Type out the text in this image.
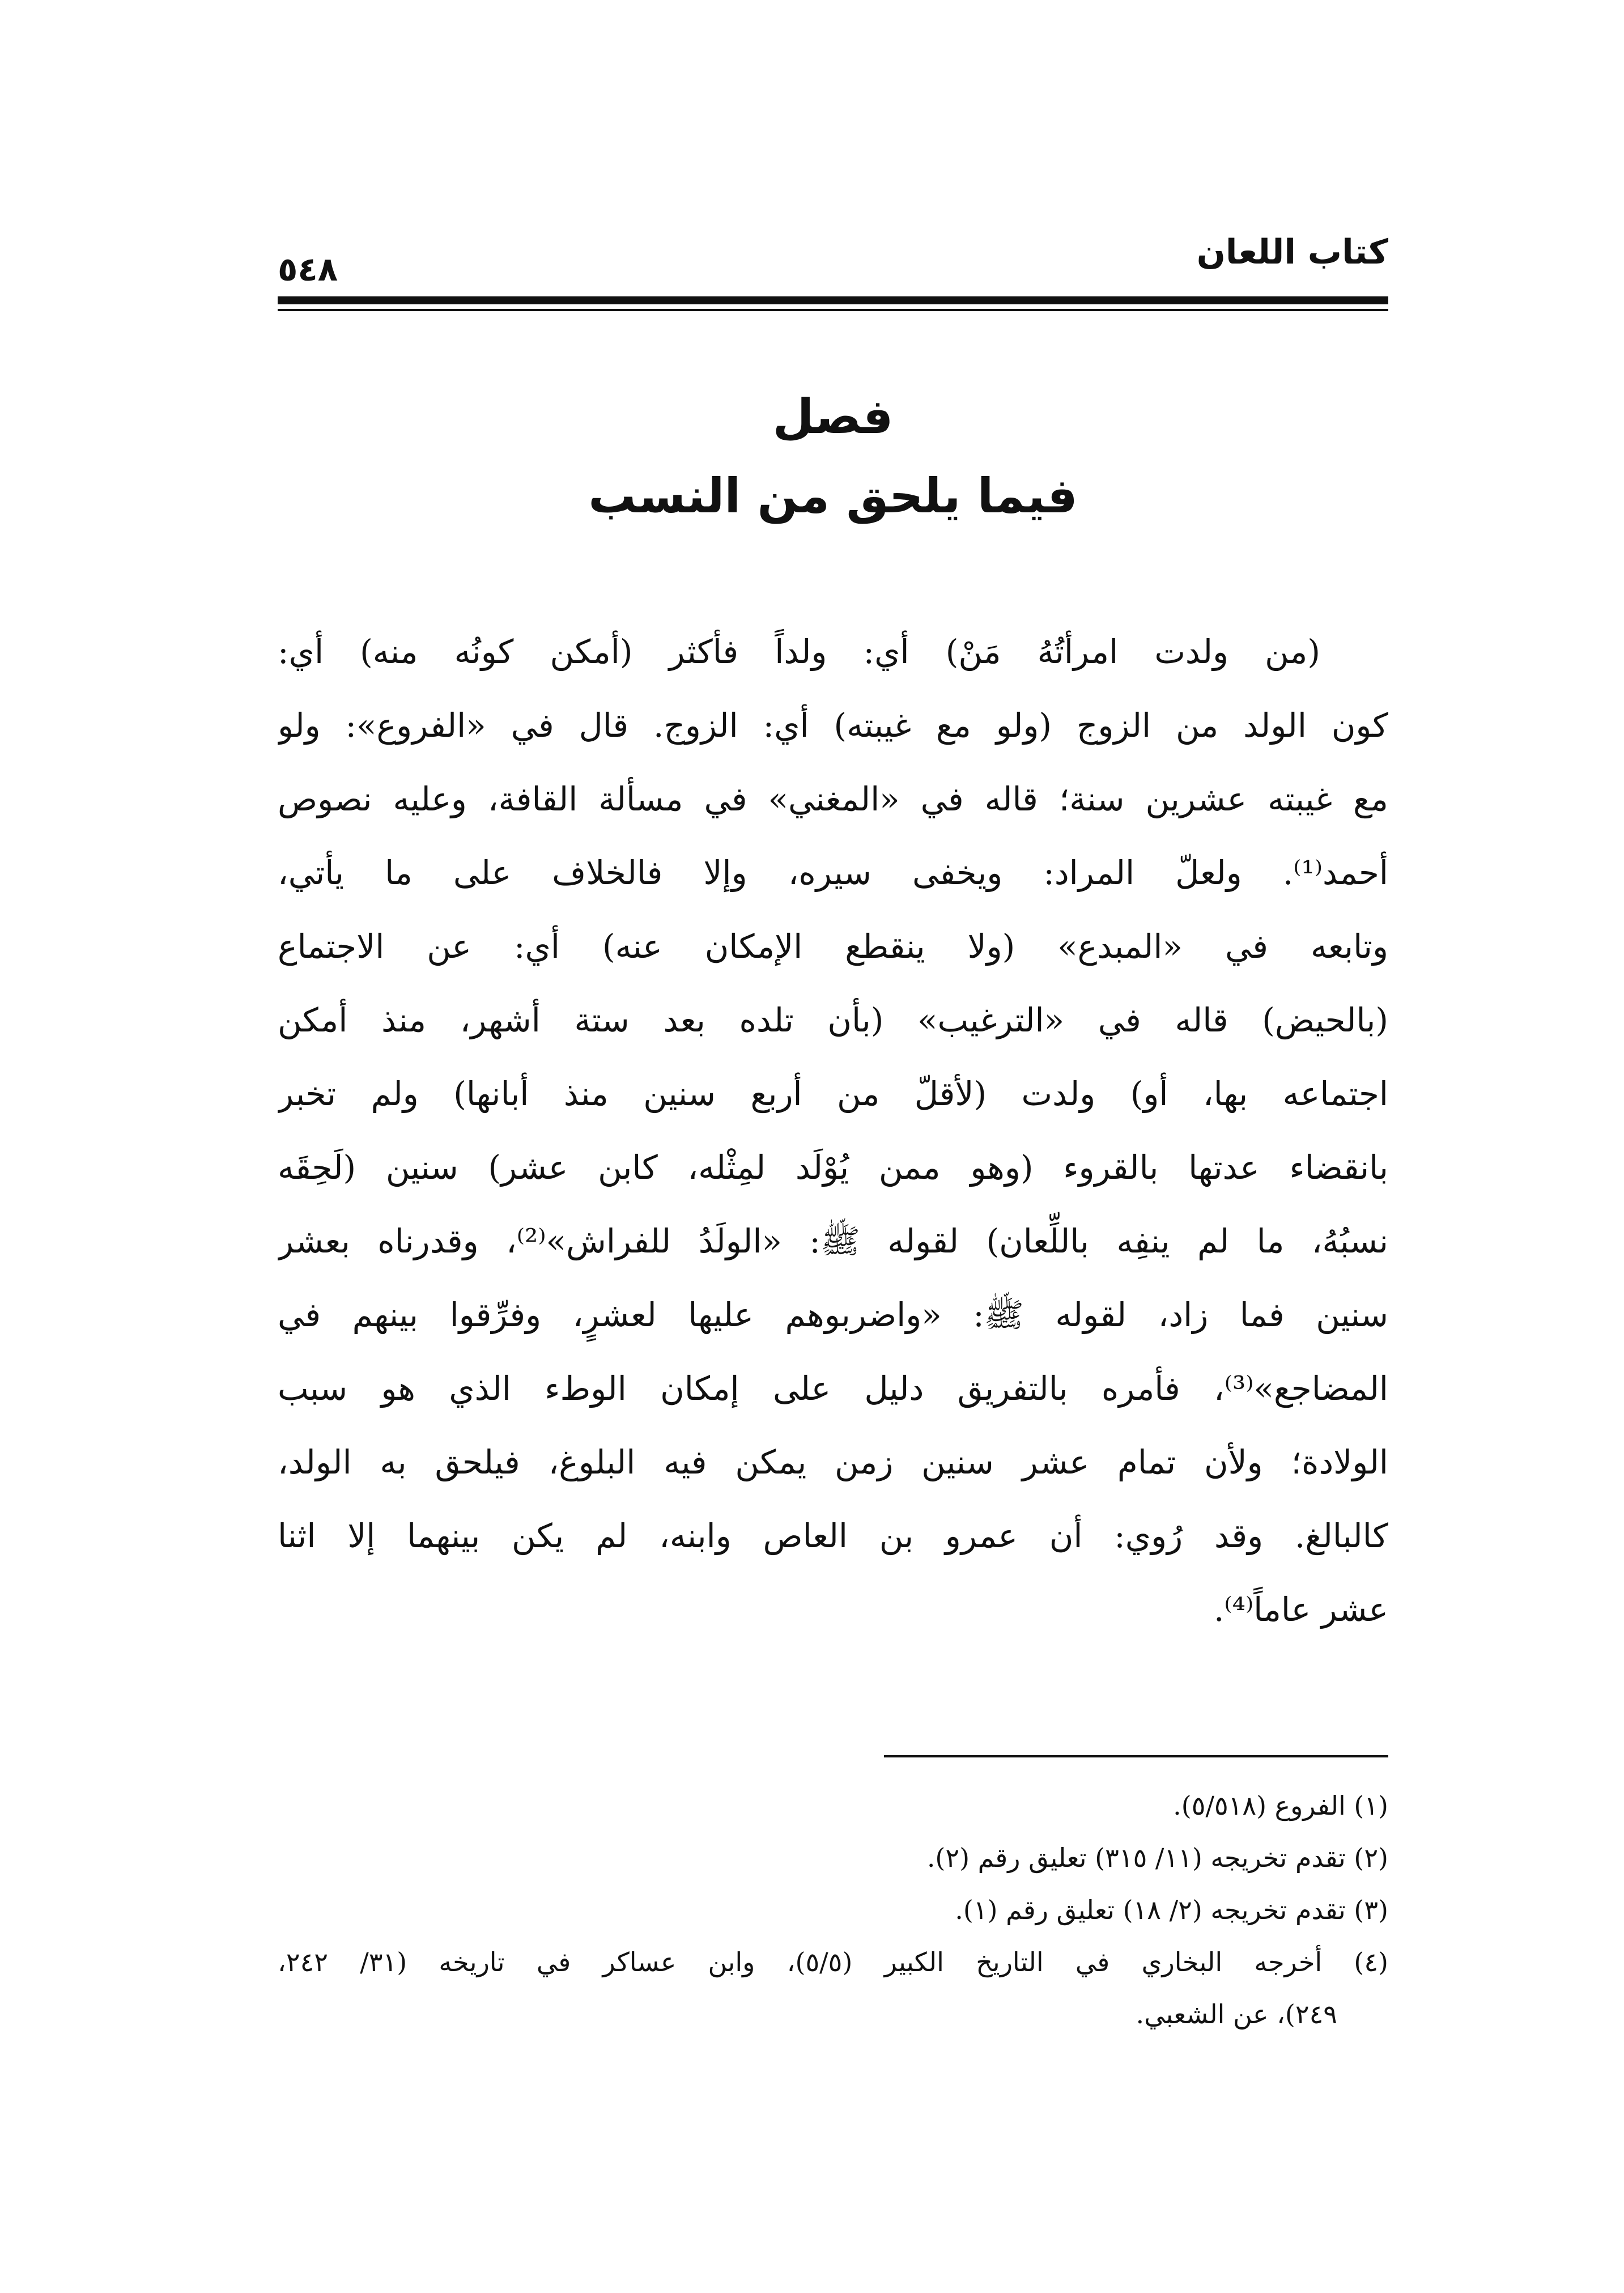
كتاب اللعان
٥٤٨
فصل
فيما يلحق من النسب
(من ولدت امرأتُهُ مَنْ) أي: ولداً فأكثر (أمكن كونُه منه) أي:
كون الولد من الزوج (ولو مع غيبته) أي: الزوج. قال في «الفروع»: ولو
مع غيبته عشرين سنة؛ قاله في «المغني» في مسألة القافة، وعليه نصوص
أحمد⁽¹⁾. ولعلّ المراد: ويخفى سيره، وإلا فالخلاف على ما يأتي،
وتابعه في «المبدع» (ولا ينقطع الإمكان عنه) أي: عن الاجتماع
(بالحيض) قاله في «الترغيب» (بأن تلده بعد ستة أشهر، منذ أمكن
اجتماعه بها، أو) ولدت (لأقلّ من أربع سنين منذ أبانها) ولم تخبر
بانقضاء عدتها بالقروء (وهو ممن يُوْلَد لمِثْله، كابن عشر) سنين (لَحِقَه
نسبُهُ، ما لم ينفِه باللِّعان) لقوله ﷺ: «الولَدُ للفراش»⁽²⁾، وقدرناه بعشر
سنين فما زاد، لقوله ﷺ: «واضربوهم عليها لعشرٍ، وفرِّقوا بينهم في
المضاجع»⁽³⁾، فأمره بالتفريق دليل على إمكان الوطء الذي هو سبب
الولادة؛ ولأن تمام عشر سنين زمن يمكن فيه البلوغ، فيلحق به الولد،
كالبالغ. وقد رُوي: أن عمرو بن العاص وابنه، لم يكن بينهما إلا اثنا
عشر عاماً⁽⁴⁾.
(١) الفروع (٥/٥١٨).
(٢) تقدم تخريجه (١١/ ٣١٥) تعليق رقم (٢).
(٣) تقدم تخريجه (٢/ ١٨) تعليق رقم (١).
(٤) أخرجه البخاري في التاريخ الكبير (٥/٥)، وابن عساكر في تاريخه (٣١/ ٢٤٢،
٢٤٩)، عن الشعبي.
